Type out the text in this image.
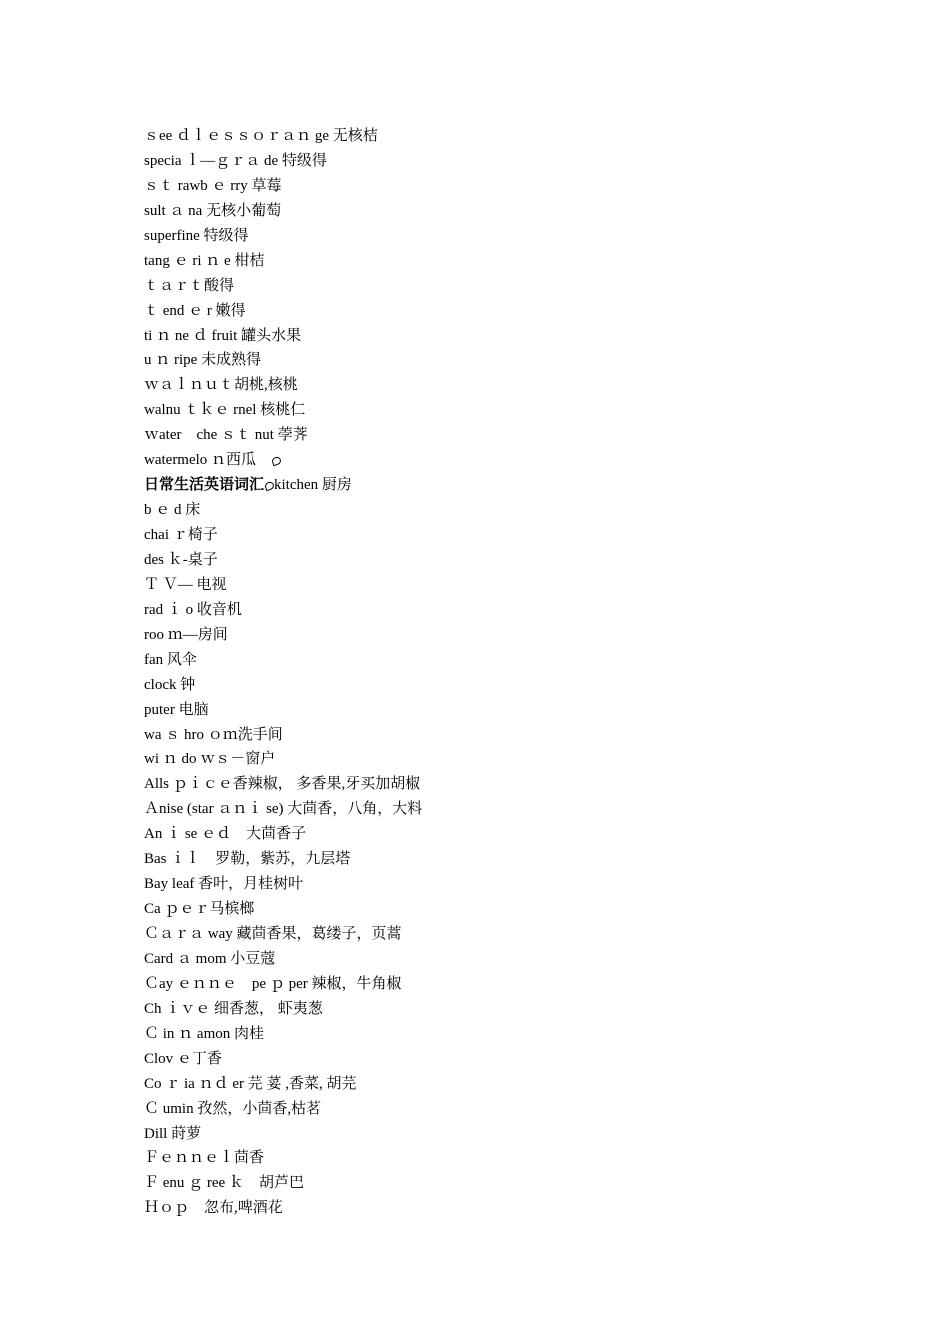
ｓee ｄｌｅｓｓｏｒａｎ ge 无核桔
specia ｌ—ｇｒａ de 特级得
ｓｔ rawb ｅ rry 草莓
sult ａ na 无核小葡萄
superfine 特级得
tang ｅ ri ｎ e 柑桔
ｔａｒｔ酸得
ｔ end ｅ r 嫩得
ti ｎ ne ｄ fruit 罐头水果
u ｎ ripe 未成熟得
ｗａｌｎｕｔ胡桃,核桃
walnu ｔｋｅ rnel 核桃仁
ｗater　che ｓｔ nut 荸荠
watermelo ｎ西瓜
日常生活英语词汇 kitchen 厨房
b ｅ d 床
chai ｒ椅子
des ｋ-桌子
Ｔ Ｖ— 电视
rad ｉ o 收音机
roo ｍ—房间
fan 风伞
clock 钟
puter 电脑
wa ｓ hro ｏｍ洗手间
wi ｎ do ｗｓ－窗户
Alls ｐｉｃｅ香辣椒， 多香果,牙买加胡椒
Ａnise (star ａｎｉ se) 大茴香，八角，大料
An ｉ se ｅｄ　大茴香子
Bas ｉｌ　罗勒，紫苏，九层塔
Bay leaf 香叶，月桂树叶
Ca ｐｅｒ马槟榔
Ｃａｒａ way 藏茴香果，葛缕子，页蒿
Card ａ mom 小豆蔻
Ｃay ｅｎｎｅ　pe ｐ per 辣椒，牛角椒
Ch ｉｖｅ 细香葱， 虾夷葱
Ｃ in ｎ amon 肉桂
Clov ｅ丁香
Co ｒ ia ｎｄ er 芫 荽 ,香菜, 胡芫
Ｃ umin 孜然，小茴香,枯茗
Dill 莳萝
Ｆｅｎｎｅｌ茴香
Ｆ enu ｇ ree ｋ　胡芦巴
Ｈｏｐ　忽布,啤酒花
